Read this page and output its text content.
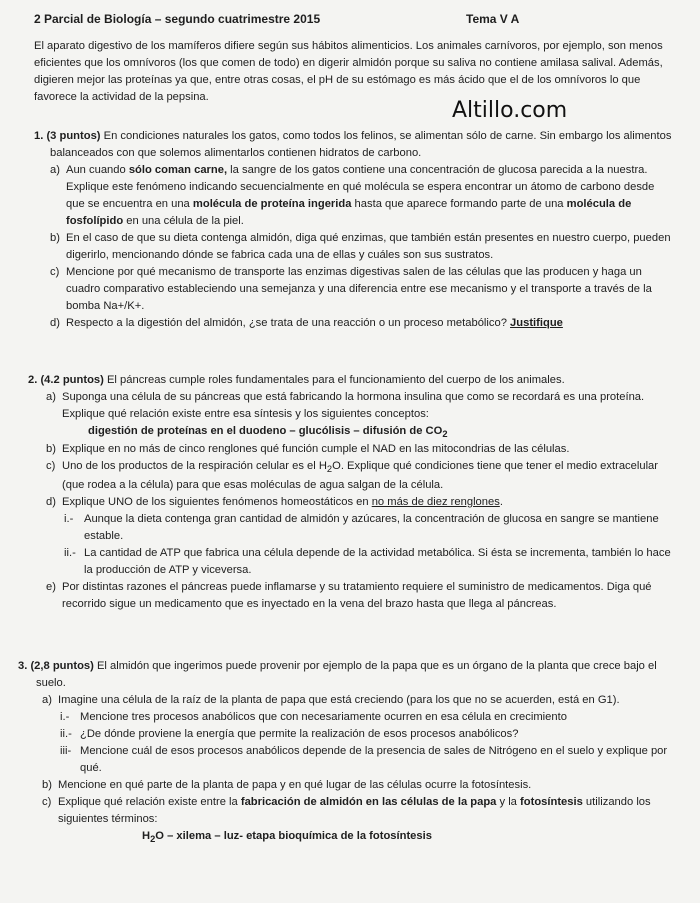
2 Parcial de Biología – segundo cuatrimestre 2015	Tema V A

El aparato digestivo de los mamíferos difiere según sus hábitos alimenticios. Los animales carnívoros, por ejemplo, son menos eficientes que los omnívoros (los que comen de todo) en digerir almidón porque su saliva no contiene amilasa salival. Además, digieren mejor las proteínas ya que, entre otras cosas, el pH de su estómago es más ácido que el de los omnívoros lo que favorece la actividad de la pepsina.

Altillo.com

1. (3 puntos) En condiciones naturales los gatos, como todos los felinos, se alimentan sólo de carne. Sin embargo los alimentos balanceados con que solemos alimentarlos contienen hidratos de carbono.

a) Aun cuando sólo coman carne, la sangre de los gatos contiene una concentración de glucosa parecida a la nuestra. Explique este fenómeno indicando secuencialmente en qué molécula se espera encontrar un átomo de carbono desde que se encuentra en una molécula de proteína ingerida hasta que aparece formando parte de una molécula de fosfolípido en una célula de la piel.

b) En el caso de que su dieta contenga almidón, diga qué enzimas, que también están presentes en nuestro cuerpo, pueden digerirlo, mencionando dónde se fabrica cada una de ellas y cuáles son sus sustratos.

c) Mencione por qué mecanismo de transporte las enzimas digestivas salen de las células que las producen y haga un cuadro comparativo estableciendo una semejanza y una diferencia entre ese mecanismo y el transporte a través de la bomba Na+/K+.

d) Respecto a la digestión del almidón, ¿se trata de una reacción o un proceso metabólico? Justifique

2. (4.2 puntos) El páncreas cumple roles fundamentales para el funcionamiento del cuerpo de los animales.

a) Suponga una célula de su páncreas que está fabricando la hormona insulina que como se recordará es una proteína. Explique qué relación existe entre esa síntesis y los siguientes conceptos:

digestión de proteínas en el duodeno – glucólisis – difusión de $CO_2$

b) Explique en no más de cinco renglones qué función cumple el NAD en las mitocondrias de las células.

c) Uno de los productos de la respiración celular es el $H_2O$. Explique qué condiciones tiene que tener el medio extracelular (que rodea a la célula) para que esas moléculas de agua salgan de la célula.

d) Explique UNO de los siguientes fenómenos homeostáticos en no más de diez renglones.

i.- Aunque la dieta contenga gran cantidad de almidón y azúcares, la concentración de glucosa en sangre se mantiene estable.

ii.- La cantidad de ATP que fabrica una célula depende de la actividad metabólica. Si ésta se incrementa, también lo hace la producción de ATP y viceversa.

e) Por distintas razones el páncreas puede inflamarse y su tratamiento requiere el suministro de medicamentos. Diga qué recorrido sigue un medicamento que es inyectado en la vena del brazo hasta que llega al páncreas.

3. (2,8 puntos) El almidón que ingerimos puede provenir por ejemplo de la papa que es un órgano de la planta que crece bajo el suelo.

a) Imagine una célula de la raíz de la planta de papa que está creciendo (para los que no se acuerden, está en G1).

i.- Mencione tres procesos anabólicos que con necesariamente ocurren en esa célula en crecimiento

ii.- ¿De dónde proviene la energía que permite la realización de esos procesos anabólicos?

iii- Mencione cuál de esos procesos anabólicos depende de la presencia de sales de Nitrógeno en el suelo y explique por qué.

b) Mencione en qué parte de la planta de papa y en qué lugar de las células ocurre la fotosíntesis.

c) Explique qué relación existe entre la fabricación de almidón en las células de la papa y la fotosíntesis utilizando los siguientes términos:

$H_2O$ – xilema – luz- etapa bioquímica de la fotosíntesis
